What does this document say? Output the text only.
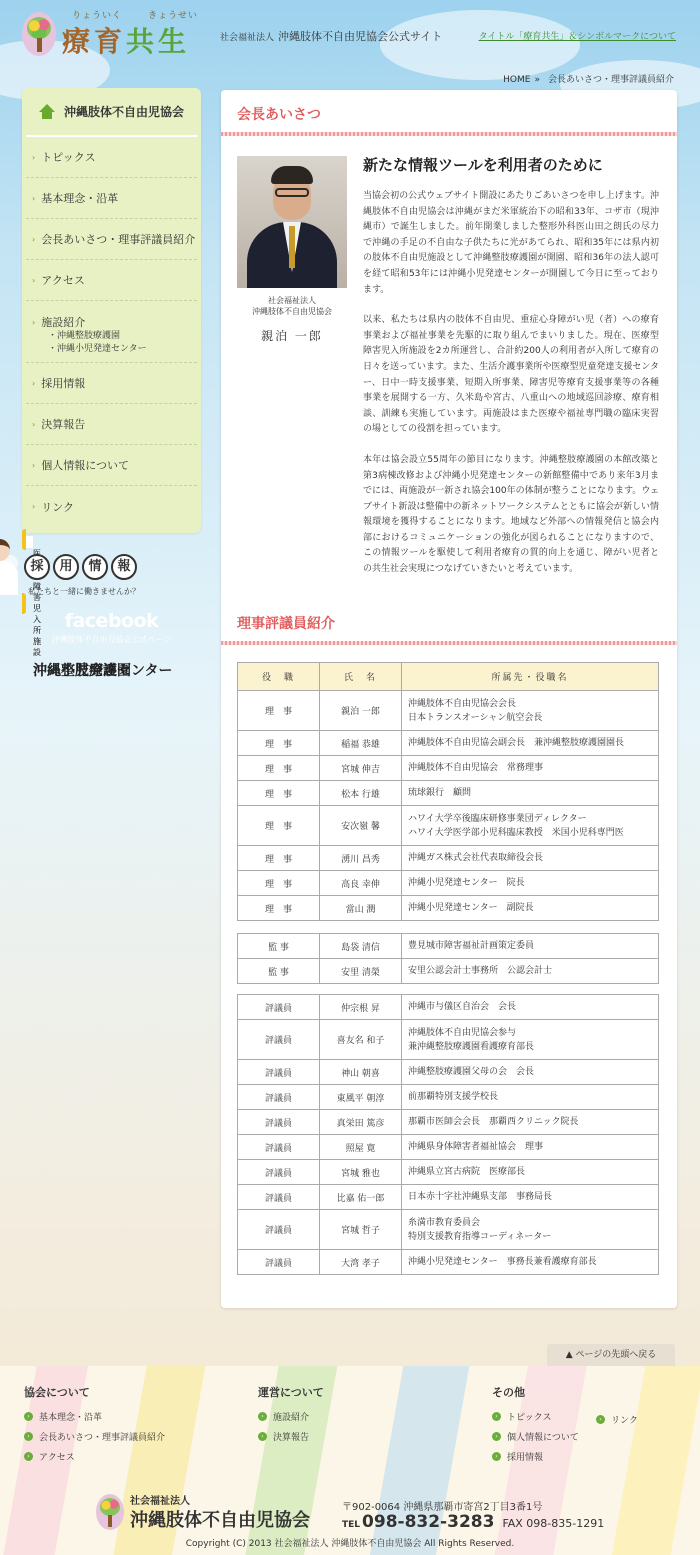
りょういく	きょうせい
療育共生	社会福祉法人 沖縄肢体不自由児協会公式サイト	タイトル「療育共生」＆シンボルマークについて
HOME » 会長あいさつ・理事評議員紹介
沖縄肢体不自由児協会
› トピックス
› 基本理念・沿革
› 会長あいさつ・理事評議員紹介
› アクセス
› 施設紹介
・沖縄整肢療護園
・沖縄小児発達センター
› 採用情報
› 決算報告
› 個人情報について
› リンク
採	用	情	報
私たちと一緒に働きませんか？
facebook
沖縄肢体不自由児協会公式ページ
会長あいさつ
社会福祉法人
沖縄肢体不自由児協会
親泊 一郎
新たな情報ツールを利用者のために

当協会初の公式ウェブサイト開設にあたりごあいさつを申し上げます。沖縄肢体不自由児協会は沖縄がまだ米軍統治下の昭和33年、コザ市（現沖縄市）で誕生しました。前年開業しました整形外科医山田之朗氏の尽力で沖縄の手足の不自由な子供たちに光があてられ、昭和35年には県内初の肢体不自由児施設として沖縄整肢療護園が開園、昭和36年の法人認可を経て昭和53年には沖縄小児発達センターが開園して今日に至っております。

以来、私たちは県内の肢体不自由児、重症心身障がい児（者）への療育事業および福祉事業を先駆的に取り組んでまいりました。現在、医療型障害児入所施設を2カ所運営し、合計約200人の利用者が入所して療育の日々を送っています。また、生活介護事業所や医療型児童発達支援センター、日中一時支援事業、短期入所事業、障害児等療育支援事業等の各種事業を展開する一方、久米島や宮古、八重山への地域巡回診療、療育相談、訓練も実施しています。両施設はまた医療や福祉専門職の臨床実習の場としての役割を担っています。

本年は協会設立55周年の節目になります。沖縄整肢療護園の本館改築と第3病棟改修および沖縄小児発達センターの新館整備中であり来年3月までには、両施設が一新され協会100年の体制が整うことになります。ウェブサイト新設は整備中の新ネットワークシステムとともに協会が新しい情報環境を獲得することになります。地域など外部への情報発信と協会内部におけるコミュニケーションの強化が図られることになりますので、この情報ツールを駆使して利用者療育の質的向上を通じ、障がい児者との共生社会実現につなげていきたいと考えています。

理事評議員紹介
役　職	氏　名	所属先・役職名
理　事	親泊 一郎	沖縄肢体不自由児協会会長
日本トランスオーシャン航空会長

理　事	稲福 恭雄	沖縄肢体不自由児協会副会長　兼沖縄整肢療護園園長

理　事	宮城 伸吉	沖縄肢体不自由児協会　常務理事

理　事	松本 行雄	琉球銀行　顧問

理　事	安次嶺 馨	ハワイ大学卒後臨床研修事業団ディレクター
ハワイ大学医学部小児科臨床教授　米国小児科専門医

理　事	湧川 昌秀	沖縄ガス株式会社代表取締役会長

理　事	高良 幸伸	沖縄小児発達センター　院長

理　事	當山 潤	沖縄小児発達センター　副院長
監 事	島袋 清信	豊見城市障害福祉計画策定委員

監 事	安里 清榮	安里公認会計士事務所　公認会計士
評議員	仲宗根 昇	沖縄市与儀区自治会　会長

評議員	喜友名 和子	沖縄肢体不自由児協会参与
兼沖縄整肢療護園看護療育部長

評議員	神山 朝喜	沖縄整肢療護園父母の会　会長

評議員	東風平 朝淳	前那覇特別支援学校長

評議員	真栄田 篤彦	那覇市医師会会長　那覇西クリニック院長

評議員	照屋 寛	沖縄県身体障害者福祉協会　理事

評議員	宮城 雅也	沖縄県立宮古病院　医療部長

評議員	比嘉 佑一郎	日本赤十字社沖縄県支部　事務局長

評議員	宮城 哲子	糸満市教育委員会
特別支援教育指導コーディネーター

評議員	大湾 孝子	沖縄小児発達センター　事務長兼看護療育部長
▲ ページの先頭へ戻る
協会について
›	基本理念・沿革
›	会長あいさつ・理事評議員紹介
›	アクセス
運営について
›	施設紹介
›	決算報告
その他
›	トピックス
›	個人情報について
›	採用情報
›	リンク
社会福祉法人
沖縄肢体不自由児協会
〒902-0064 沖縄県那覇市寄宮2丁目3番1号
TEL 098-832-3283 FAX 098-835-1291
Copyright (C) 2013 社会福祉法人 沖縄肢体不自由児協会 All Rights Reserved.
